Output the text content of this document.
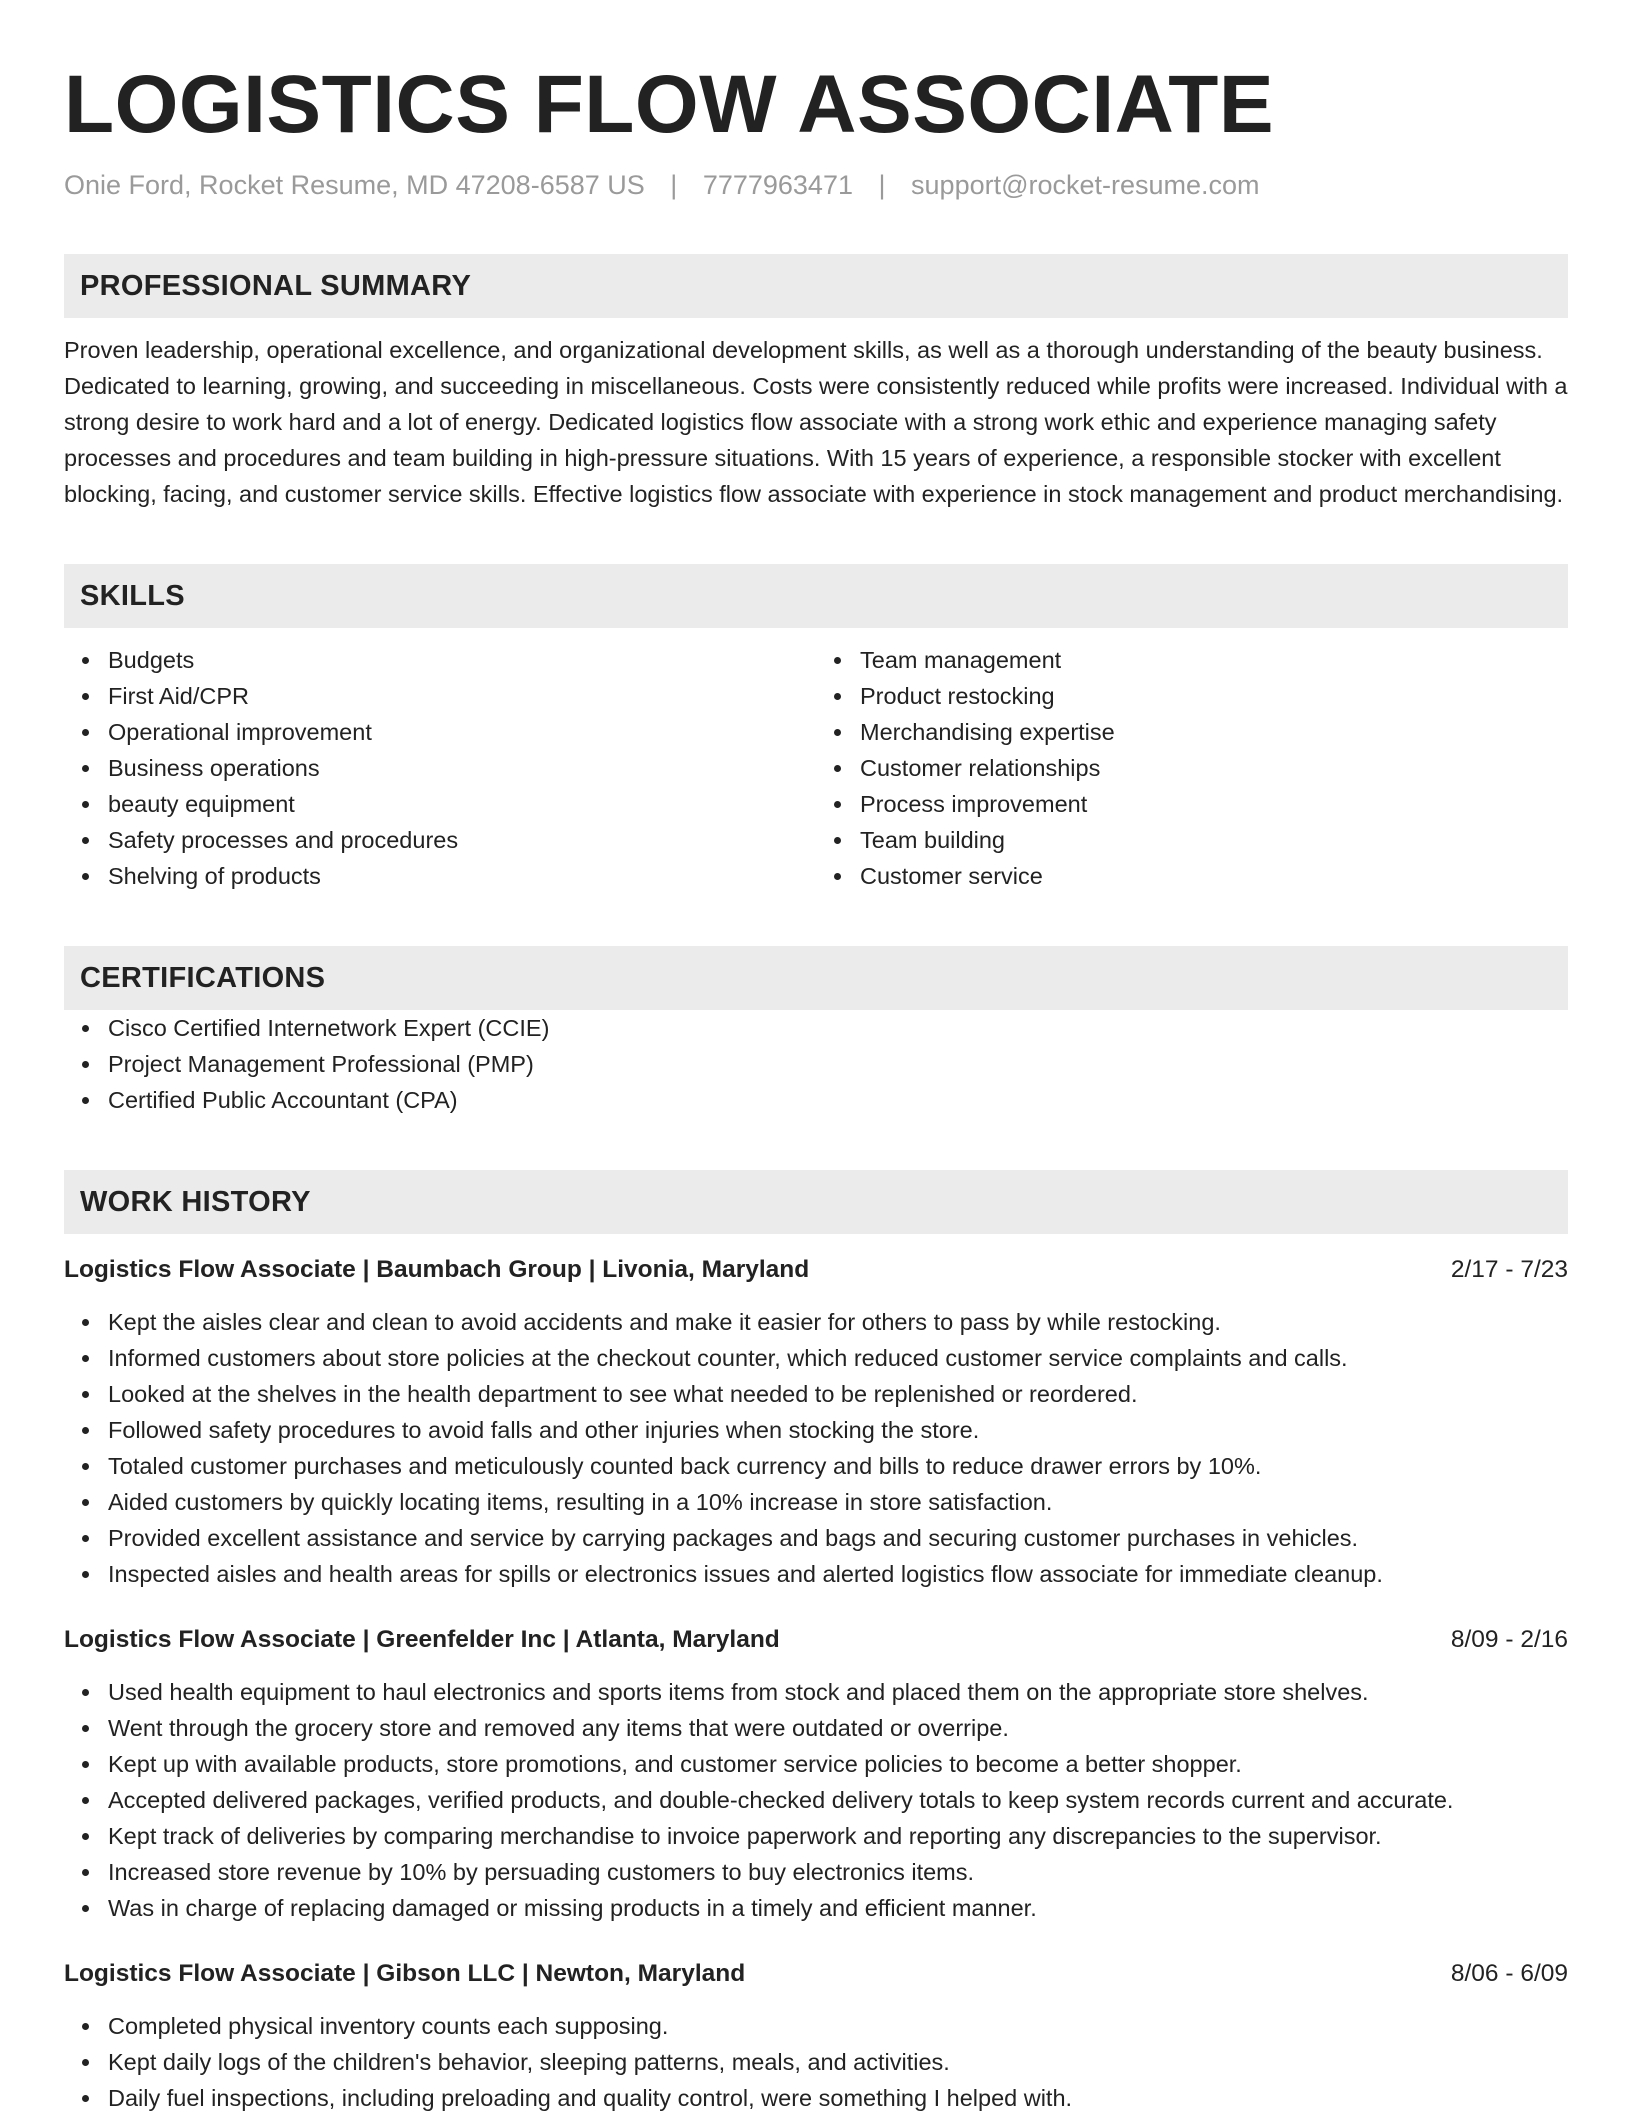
LOGISTICS FLOW ASSOCIATE
Onie Ford, Rocket Resume, MD 47208-6587 US | 7777963471 | support@rocket-resume.com
PROFESSIONAL SUMMARY

Proven leadership, operational excellence, and organizational development skills, as well as a thorough understanding of the beauty business. Dedicated to learning, growing, and succeeding in miscellaneous. Costs were consistently reduced while profits were increased. Individual with a strong desire to work hard and a lot of energy. Dedicated logistics flow associate with a strong work ethic and experience managing safety processes and procedures and team building in high-pressure situations. With 15 years of experience, a responsible stocker with excellent blocking, facing, and customer service skills. Effective logistics flow associate with experience in stock management and product merchandising.

SKILLS
Budgets
First Aid/CPR
Operational improvement
Business operations
beauty equipment
Safety processes and procedures
Shelving of products
Team management
Product restocking
Merchandising expertise
Customer relationships
Process improvement
Team building
Customer service
CERTIFICATIONS
Cisco Certified Internetwork Expert (CCIE)
Project Management Professional (PMP)
Certified Public Accountant (CPA)
WORK HISTORY
Logistics Flow Associate | Baumbach Group | Livonia, Maryland	2/17 - 7/23
Kept the aisles clear and clean to avoid accidents and make it easier for others to pass by while restocking.
Informed customers about store policies at the checkout counter, which reduced customer service complaints and calls.
Looked at the shelves in the health department to see what needed to be replenished or reordered.
Followed safety procedures to avoid falls and other injuries when stocking the store.
Totaled customer purchases and meticulously counted back currency and bills to reduce drawer errors by 10%.
Aided customers by quickly locating items, resulting in a 10% increase in store satisfaction.
Provided excellent assistance and service by carrying packages and bags and securing customer purchases in vehicles.
Inspected aisles and health areas for spills or electronics issues and alerted logistics flow associate for immediate cleanup.
Logistics Flow Associate | Greenfelder Inc | Atlanta, Maryland	8/09 - 2/16
Used health equipment to haul electronics and sports items from stock and placed them on the appropriate store shelves.
Went through the grocery store and removed any items that were outdated or overripe.
Kept up with available products, store promotions, and customer service policies to become a better shopper.
Accepted delivered packages, verified products, and double-checked delivery totals to keep system records current and accurate.
Kept track of deliveries by comparing merchandise to invoice paperwork and reporting any discrepancies to the supervisor.
Increased store revenue by 10% by persuading customers to buy electronics items.
Was in charge of replacing damaged or missing products in a timely and efficient manner.
Logistics Flow Associate | Gibson LLC | Newton, Maryland	8/06 - 6/09
Completed physical inventory counts each supposing.
Kept daily logs of the children's behavior, sleeping patterns, meals, and activities.
Daily fuel inspections, including preloading and quality control, were something I helped with.
